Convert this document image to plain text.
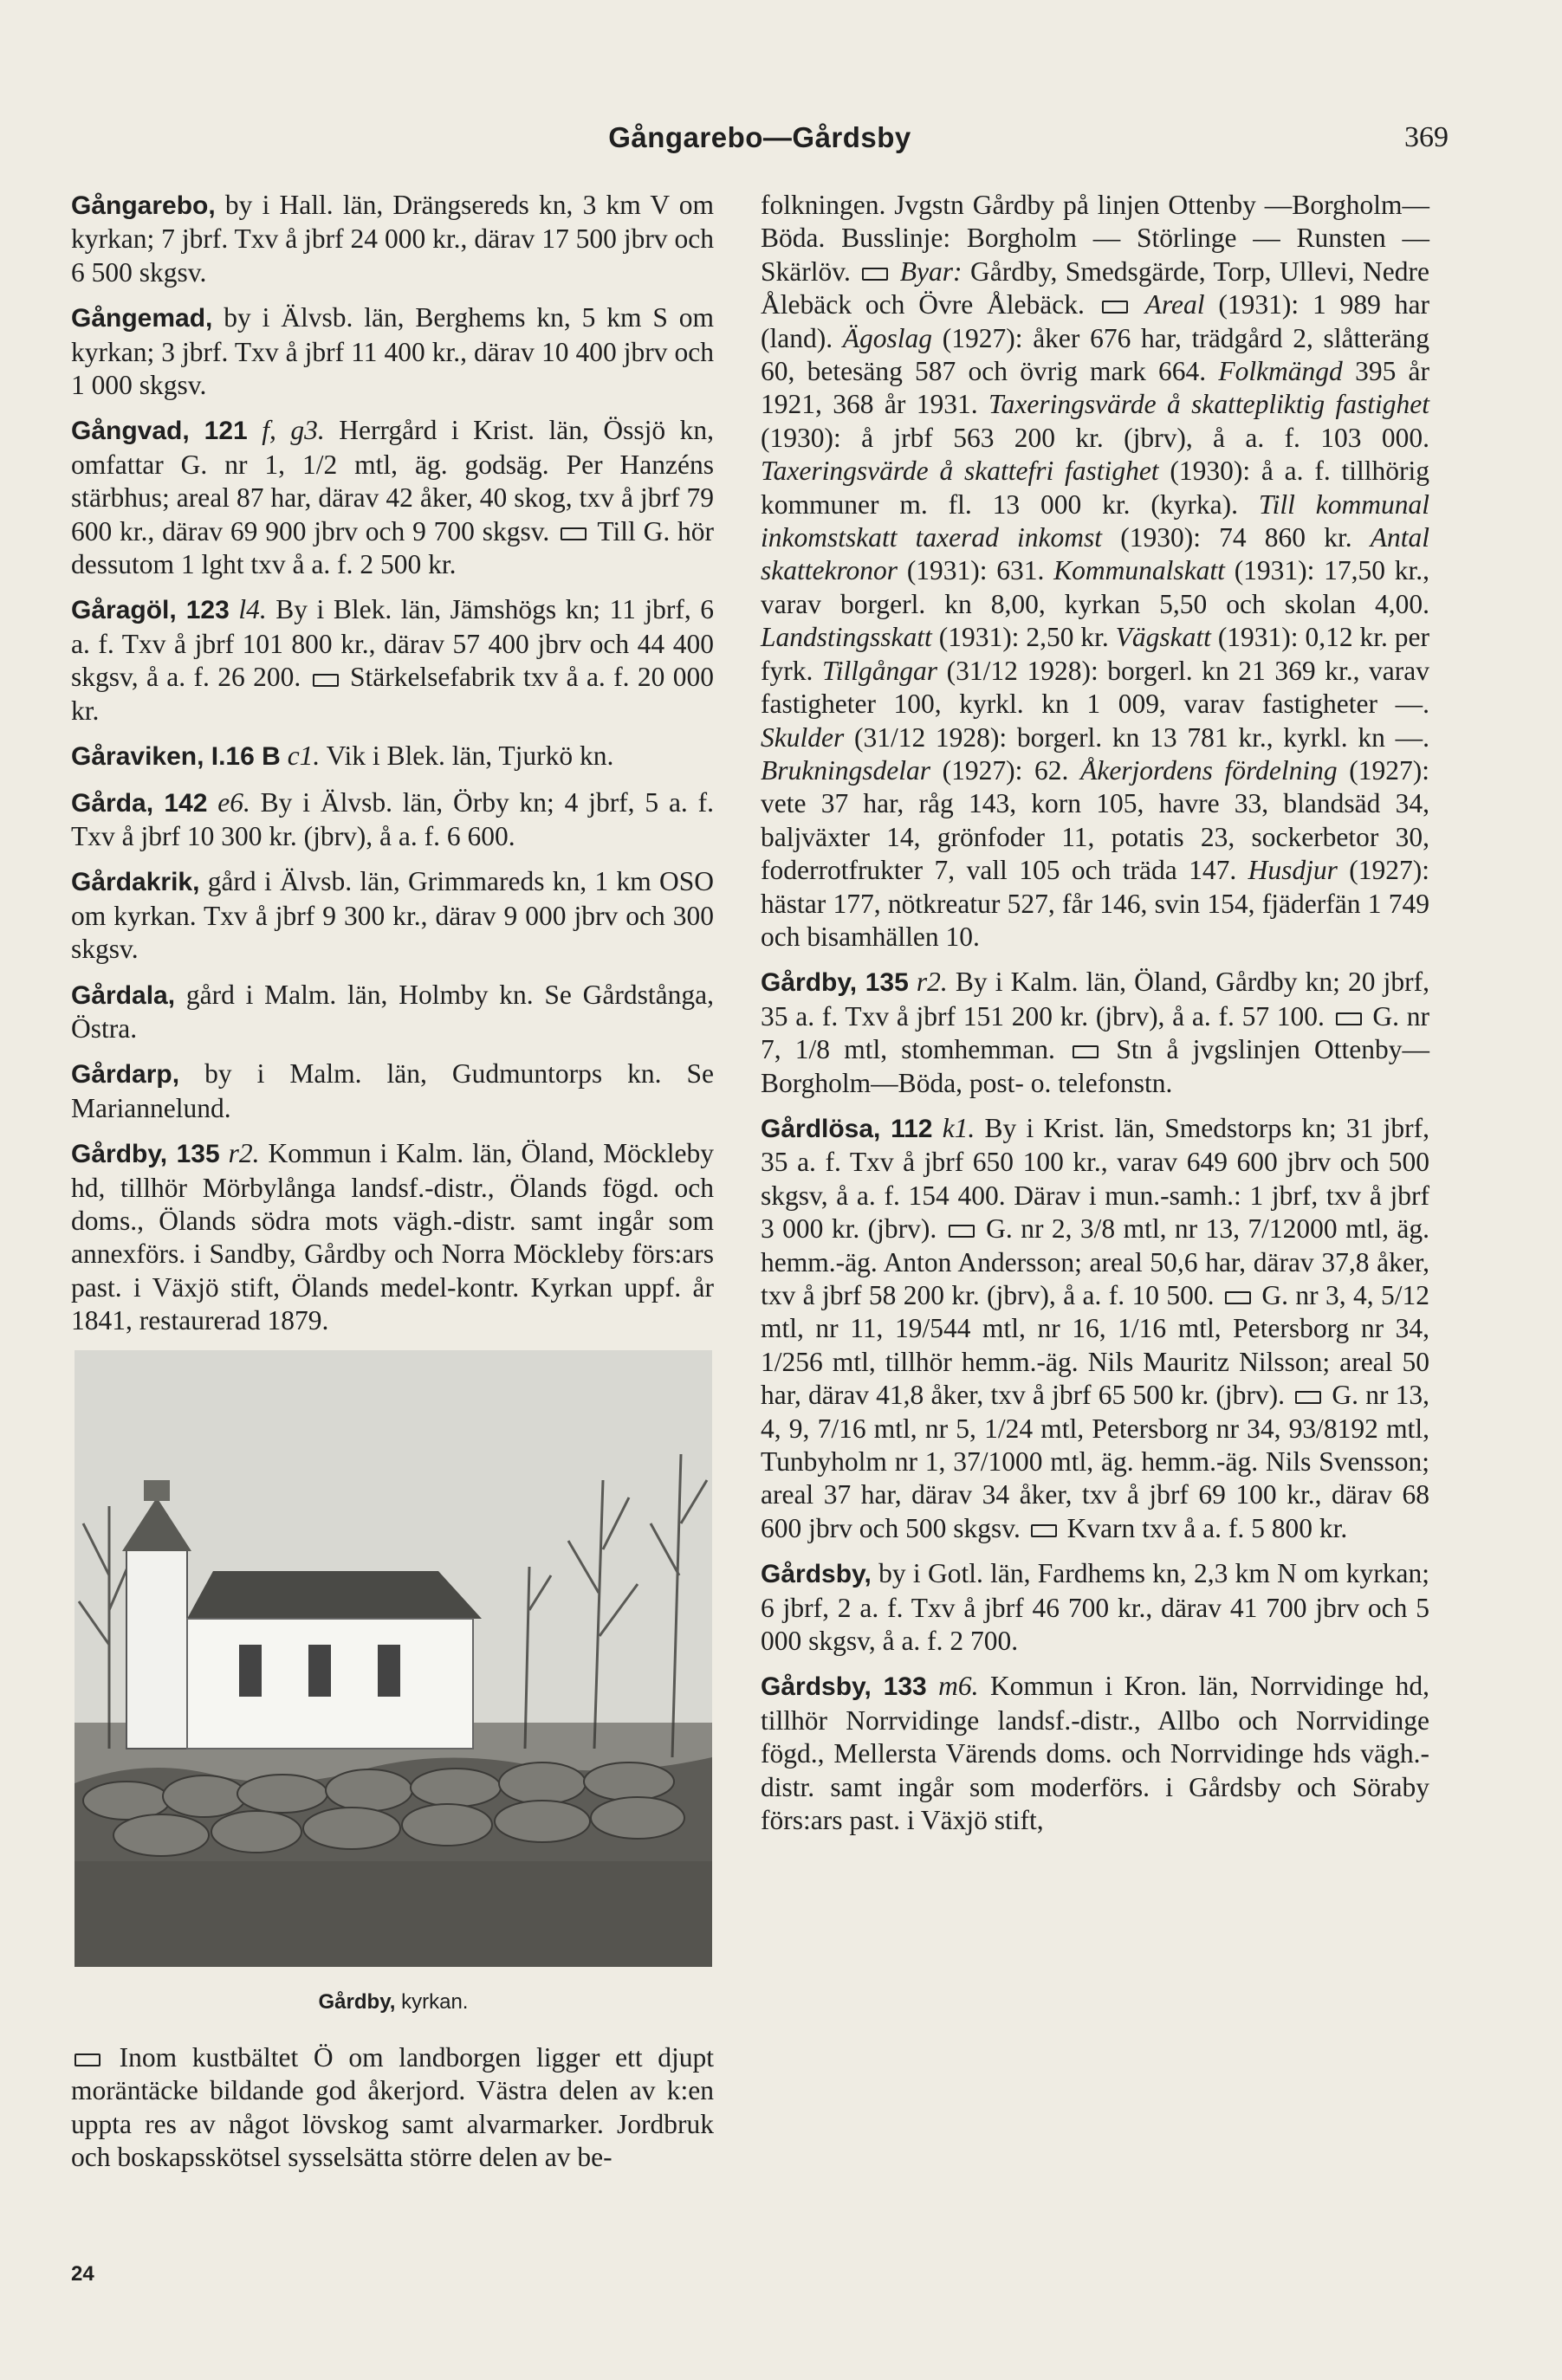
Gångarebo—Gårdsby	369

Gångarebo, by i Hall. län, Drängsereds kn, 3 km V om kyrkan; 7 jbrf. Txv å jbrf 24 000 kr., därav 17 500 jbrv och 6 500 skgsv.

Gångemad, by i Älvsb. län, Berghems kn, 5 km S om kyrkan; 3 jbrf. Txv å jbrf 11 400 kr., därav 10 400 jbrv och 1 000 skgsv.

Gångvad, 121 f, g3. Herrgård i Krist. län, Össjö kn, omfattar G. nr 1, 1/2 mtl, äg. godsäg. Per Hanzéns stärbhus; areal 87 har, därav 42 åker, 40 skog, txv å jbrf 79 600 kr., därav 69 900 jbrv och 9 700 skgsv. Till G. hör dessutom 1 lght txv å a. f. 2 500 kr.

Gåragöl, 123 l4. By i Blek. län, Jämshögs kn; 11 jbrf, 6 a. f. Txv å jbrf 101 800 kr., därav 57 400 jbrv och 44 400 skgsv, å a. f. 26 200. Stärkelsefabrik txv å a. f. 20 000 kr.

Gåraviken, I.16 B c1. Vik i Blek. län, Tjurkö kn.

Gårda, 142 e6. By i Älvsb. län, Örby kn; 4 jbrf, 5 a. f. Txv å jbrf 10 300 kr. (jbrv), å a. f. 6 600.

Gårdakrik, gård i Älvsb. län, Grimmareds kn, 1 km OSO om kyrkan. Txv å jbrf 9 300 kr., därav 9 000 jbrv och 300 skgsv.

Gårdala, gård i Malm. län, Holmby kn. Se Gårdstånga, Östra.

Gårdarp, by i Malm. län, Gudmuntorps kn. Se Mariannelund.

Gårdby, 135 r2. Kommun i Kalm. län, Öland, Möckleby hd, tillhör Mörbylånga landsf.-distr., Ölands fögd. och doms., Ölands södra mots vägh.-distr. samt ingår som annexförs. i Sandby, Gårdby och Norra Möckleby förs:ars past. i Växjö stift, Ölands medel-kontr. Kyrkan uppf. år 1841, restaurerad 1879.

Gårdby, kyrkan.

Inom kustbältet Ö om landborgen ligger ett djupt moräntäcke bildande god åkerjord. Västra delen av k:en uppta res av något lövskog samt alvarmarker. Jordbruk och boskapsskötsel sysselsätta större delen av be-

folkningen. Jvgstn Gårdby på linjen Ottenby —Borgholm—Böda. Busslinje: Borgholm — Störlinge — Runsten — Skärlöv. Byar: Gårdby, Smedsgärde, Torp, Ullevi, Nedre Ålebäck och Övre Ålebäck. Areal (1931): 1 989 har (land). Ägoslag (1927): åker 676 har, trädgård 2, slåtteräng 60, betesäng 587 och övrig mark 664. Folkmängd 395 år 1921, 368 år 1931. Taxeringsvärde å skattepliktig fastighet (1930): å jrbf 563 200 kr. (jbrv), å a. f. 103 000. Taxeringsvärde å skattefri fastighet (1930): å a. f. tillhörig kommuner m. fl. 13 000 kr. (kyrka). Till kommunal inkomstskatt taxerad inkomst (1930): 74 860 kr. Antal skattekronor (1931): 631. Kommunalskatt (1931): 17,50 kr., varav borgerl. kn 8,00, kyrkan 5,50 och skolan 4,00. Landstingsskatt (1931): 2,50 kr. Vägskatt (1931): 0,12 kr. per fyrk. Tillgångar (31/12 1928): borgerl. kn 21 369 kr., varav fastigheter 100, kyrkl. kn 1 009, varav fastigheter —. Skulder (31/12 1928): borgerl. kn 13 781 kr., kyrkl. kn —. Brukningsdelar (1927): 62. Åkerjordens fördelning (1927): vete 37 har, råg 143, korn 105, havre 33, blandsäd 34, baljväxter 14, grönfoder 11, potatis 23, sockerbetor 30, foderrotfrukter 7, vall 105 och träda 147. Husdjur (1927): hästar 177, nötkreatur 527, får 146, svin 154, fjäderfän 1 749 och bisamhällen 10.

Gårdby, 135 r2. By i Kalm. län, Öland, Gårdby kn; 20 jbrf, 35 a. f. Txv å jbrf 151 200 kr. (jbrv), å a. f. 57 100. G. nr 7, 1/8 mtl, stomhemman. Stn å jvgslinjen Ottenby—Borgholm—Böda, post- o. telefonstn.

Gårdlösa, 112 k1. By i Krist. län, Smedstorps kn; 31 jbrf, 35 a. f. Txv å jbrf 650 100 kr., varav 649 600 jbrv och 500 skgsv, å a. f. 154 400. Därav i mun.-samh.: 1 jbrf, txv å jbrf 3 000 kr. (jbrv). G. nr 2, 3/8 mtl, nr 13, 7/12000 mtl, äg. hemm.-äg. Anton Andersson; areal 50,6 har, därav 37,8 åker, txv å jbrf 58 200 kr. (jbrv), å a. f. 10 500. G. nr 3, 4, 5/12 mtl, nr 11, 19/544 mtl, nr 16, 1/16 mtl, Petersborg nr 34, 1/256 mtl, tillhör hemm.-äg. Nils Mauritz Nilsson; areal 50 har, därav 41,8 åker, txv å jbrf 65 500 kr. (jbrv). G. nr 13, 4, 9, 7/16 mtl, nr 5, 1/24 mtl, Petersborg nr 34, 93/8192 mtl, Tunbyholm nr 1, 37/1000 mtl, äg. hemm.-äg. Nils Svensson; areal 37 har, därav 34 åker, txv å jbrf 69 100 kr., därav 68 600 jbrv och 500 skgsv. Kvarn txv å a. f. 5 800 kr.

Gårdsby, by i Gotl. län, Fardhems kn, 2,3 km N om kyrkan; 6 jbrf, 2 a. f. Txv å jbrf 46 700 kr., därav 41 700 jbrv och 5 000 skgsv, å a. f. 2 700.

Gårdsby, 133 m6. Kommun i Kron. län, Norrvidinge hd, tillhör Norrvidinge landsf.-distr., Allbo och Norrvidinge fögd., Mellersta Värends doms. och Norrvidinge hds vägh.-distr. samt ingår som moderförs. i Gårdsby och Söraby förs:ars past. i Växjö stift,

24
